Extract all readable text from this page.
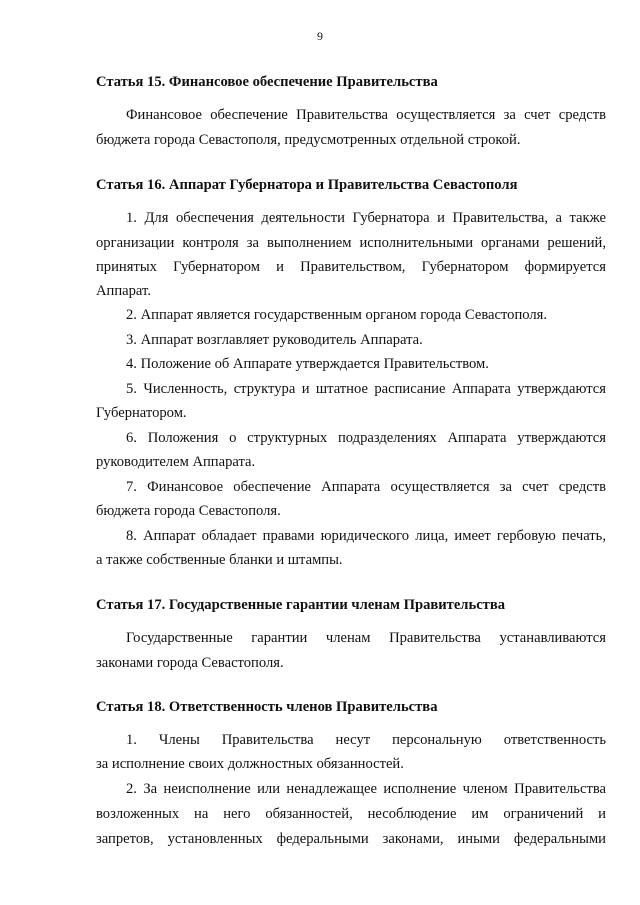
9
Статья 15. Финансовое обеспечение Правительства
Финансовое обеспечение Правительства осуществляется за счет средств
бюджета города Севастополя, предусмотренных отдельной строкой.
Статья 16. Аппарат Губернатора и Правительства Севастополя
1. Для обеспечения деятельности Губернатора и Правительства, а также
организации контроля за выполнением исполнительными органами решений,
принятых Губернатором и Правительством, Губернатором формируется
Аппарат.
2. Аппарат является государственным органом города Севастополя.
3. Аппарат возглавляет руководитель Аппарата.
4. Положение об Аппарате утверждается Правительством.
5. Численность, структура и штатное расписание Аппарата утверждаются
Губернатором.
6. Положения о структурных подразделениях Аппарата утверждаются
руководителем Аппарата.
7. Финансовое обеспечение Аппарата осуществляется за счет средств
бюджета города Севастополя.
8. Аппарат обладает правами юридического лица, имеет гербовую печать,
а также собственные бланки и штампы.
Статья 17. Государственные гарантии членам Правительства
Государственные гарантии членам Правительства устанавливаются
законами города Севастополя.
Статья 18. Ответственность членов Правительства
1. Члены Правительства несут персональную ответственность
за исполнение своих должностных обязанностей.
2. За неисполнение или ненадлежащее исполнение членом Правительства
возложенных на него обязанностей, несоблюдение им ограничений и
запретов, установленных федеральными законами, иными федеральными
